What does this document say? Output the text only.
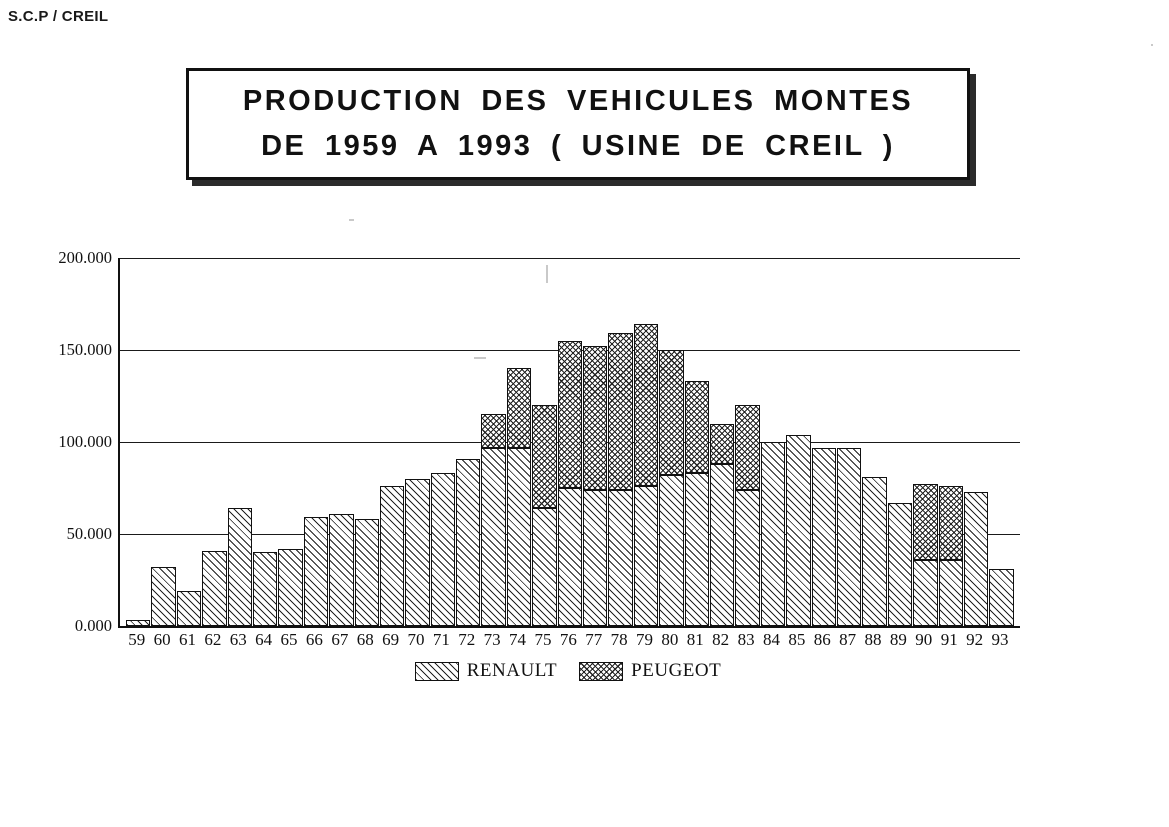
S.C.P / CREIL
PRODUCTION DES VEHICULES MONTES
DE 1959 A 1993 ( USINE DE CREIL )
200.000
150.000
100.000
50.000
0.000
59 60 61 62 63 64 65 66 67 68 69 70 71 72 73 74 75 76 77 78 79 80 81 82 83 84 85 86 87 88 89 90 91 92 93
RENAULT	PEUGEOT
